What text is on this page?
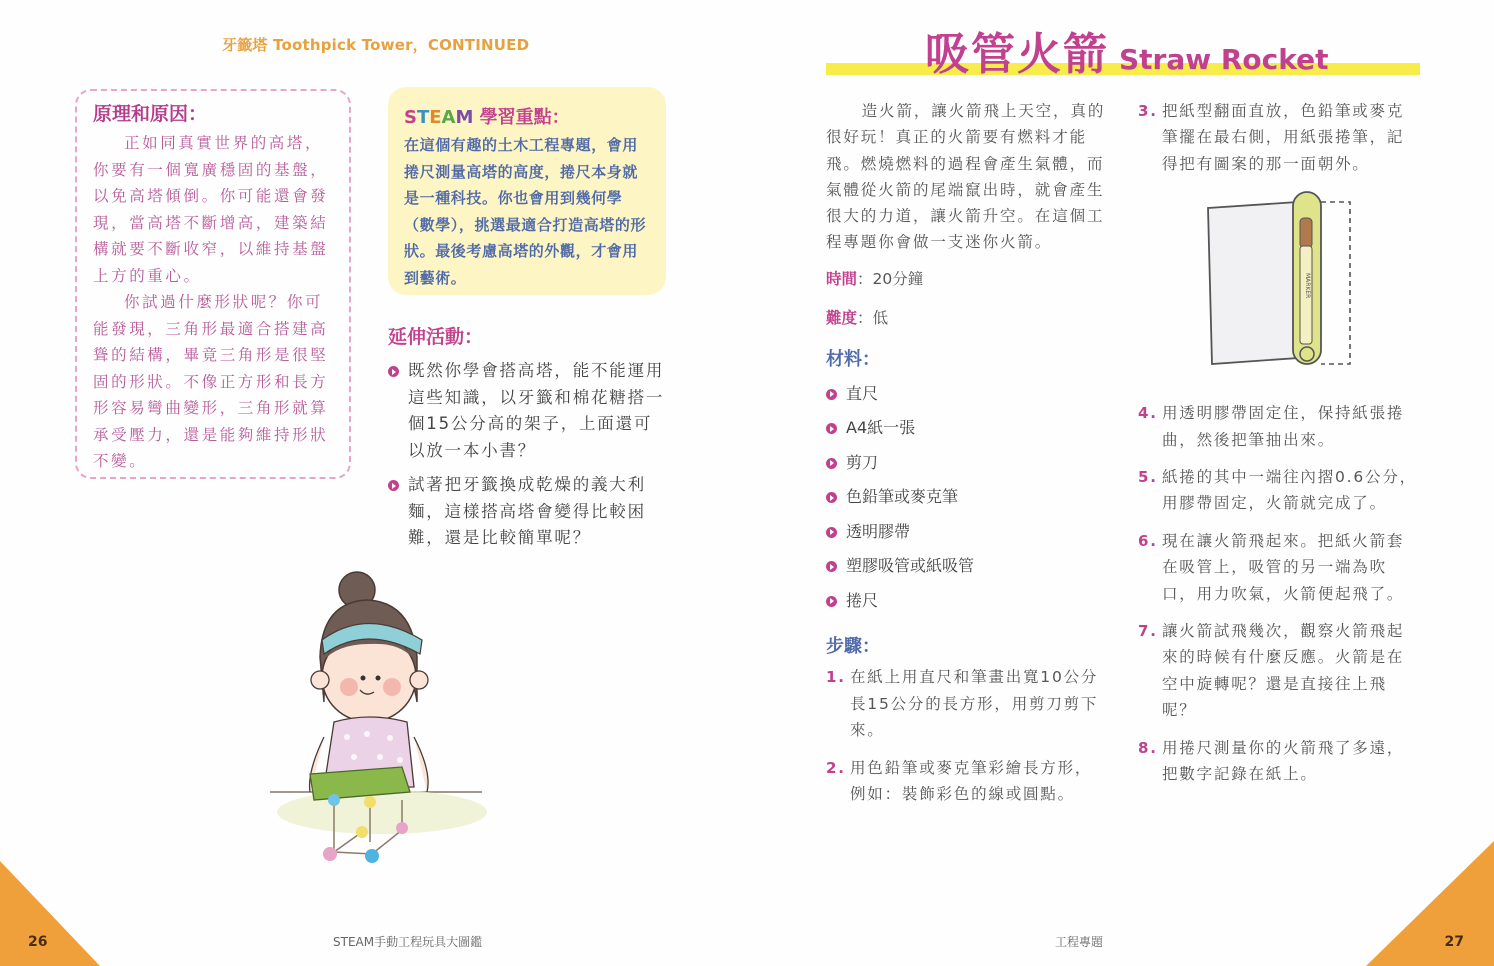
牙籤塔 Toothpick Tower，CONTINUED
原理和原因：

正如同真實世界的高塔，你要有一個寬廣穩固的基盤，以免高塔傾倒。你可能還會發現，當高塔不斷增高，建築結構就要不斷收窄，以維持基盤上方的重心。

你試過什麼形狀呢？你可能發現，三角形最適合搭建高聳的結構，畢竟三角形是很堅固的形狀。不像正方形和長方形容易彎曲變形，三角形就算承受壓力，還是能夠維持形狀不變。

STEAM 學習重點：

在這個有趣的土木工程專題，會用捲尺測量高塔的高度，捲尺本身就是一種科技。你也會用到幾何學（數學），挑選最適合打造高塔的形狀。最後考慮高塔的外觀，才會用到藝術。

延伸活動：
既然你學會搭高塔，能不能運用這些知識，以牙籤和棉花糖搭一個15公分高的架子，上面還可以放一本小書？
試著把牙籤換成乾燥的義大利麵，這樣搭高塔會變得比較困難，還是比較簡單呢？
26	STEAM手動工程玩具大圖鑑
吸管火箭 Straw Rocket

造火箭，讓火箭飛上天空，真的很好玩！真正的火箭要有燃料才能飛。燃燒燃料的過程會產生氣體，而氣體從火箭的尾端竄出時，就會產生很大的力道，讓火箭升空。在這個工程專題你會做一支迷你火箭。

時間：20分鐘

難度：低

材料：
直尺
A4紙一張
剪刀
色鉛筆或麥克筆
透明膠帶
塑膠吸管或紙吸管
捲尺
步驟：
1. 在紙上用直尺和筆畫出寬10公分長15公分的長方形，用剪刀剪下來。
2. 用色鉛筆或麥克筆彩繪長方形，例如：裝飾彩色的線或圓點。
3. 把紙型翻面直放，色鉛筆或麥克筆擺在最右側，用紙張捲筆，記得把有圖案的那一面朝外。
MARKER
4. 用透明膠帶固定住，保持紙張捲曲，然後把筆抽出來。
5. 紙捲的其中一端往內摺0.6公分，用膠帶固定，火箭就完成了。
6. 現在讓火箭飛起來。把紙火箭套在吸管上，吸管的另一端為吹口，用力吹氣，火箭便起飛了。
7. 讓火箭試飛幾次，觀察火箭飛起來的時候有什麼反應。火箭是在空中旋轉呢？還是直接往上飛呢？
8. 用捲尺測量你的火箭飛了多遠，把數字記錄在紙上。
工程專題	27
